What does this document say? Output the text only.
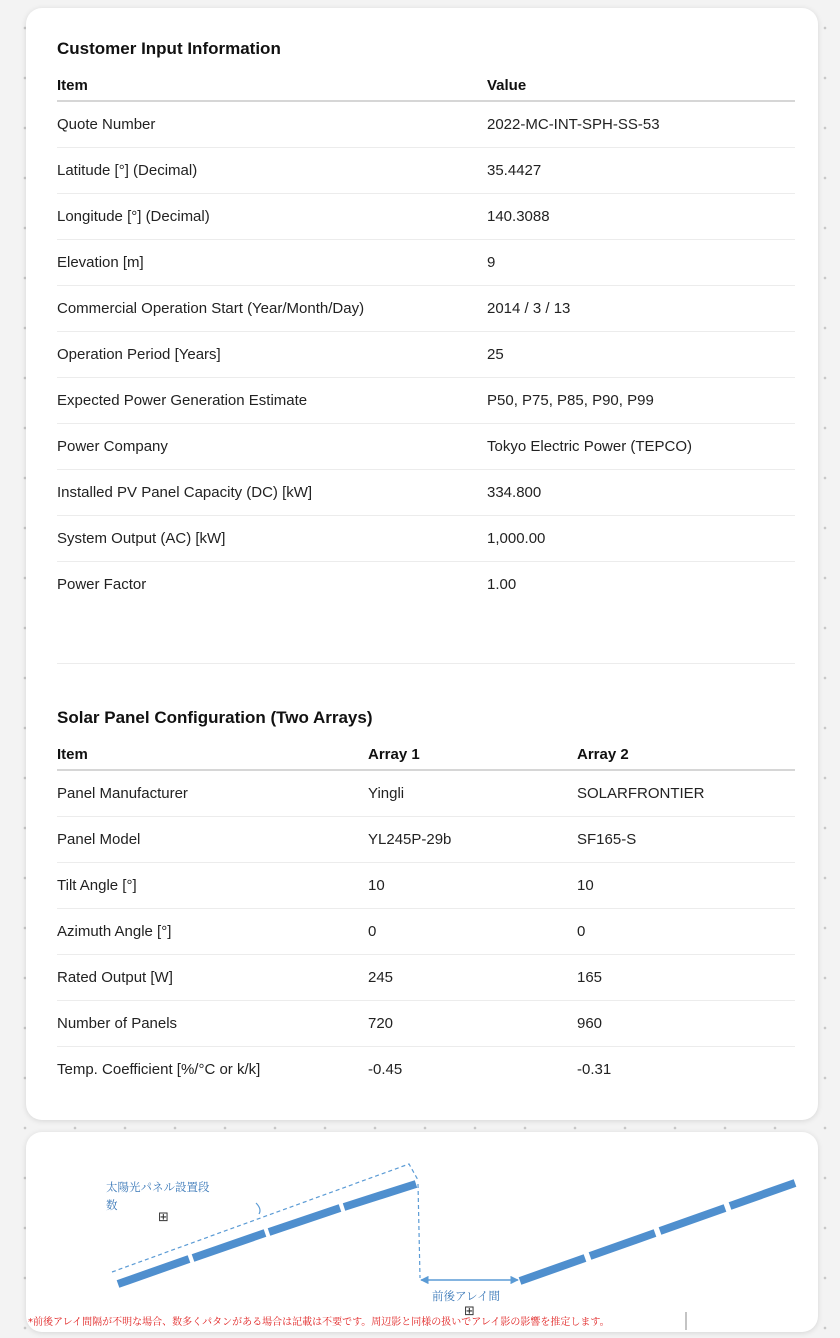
Customer Input Information
Item	Value
Quote Number	2022-MC-INT-SPH-SS-53
Latitude [°] (Decimal)	35.4427
Longitude [°] (Decimal)	140.3088
Elevation [m]	9
Commercial Operation Start (Year/Month/Day)	2014 / 3 / 13
Operation Period [Years]	25
Expected Power Generation Estimate	P50, P75, P85, P90, P99
Power Company	Tokyo Electric Power (TEPCO)
Installed PV Panel Capacity (DC) [kW]	334.800
System Output (AC) [kW]	1,000.00
Power Factor	1.00
Solar Panel Configuration (Two Arrays)
Item	Array 1	Array 2
Panel Manufacturer	Yingli	SOLARFRONTIER
Panel Model	YL245P-29b	SF165-S
Tilt Angle [°]	10	10
Azimuth Angle [°]	0	0
Rated Output [W]	245	165
Number of Panels	720	960
Temp. Coefficient [%/°C or k/k]	-0.45	-0.31
太陽光パネル設置段
数
⊞
前後アレイ間
⊞
*前後アレイ間隔が不明な場合、数多くパタンがある場合は記載は不要です。周辺影と同様の扱いでアレイ影の影響を推定します。
